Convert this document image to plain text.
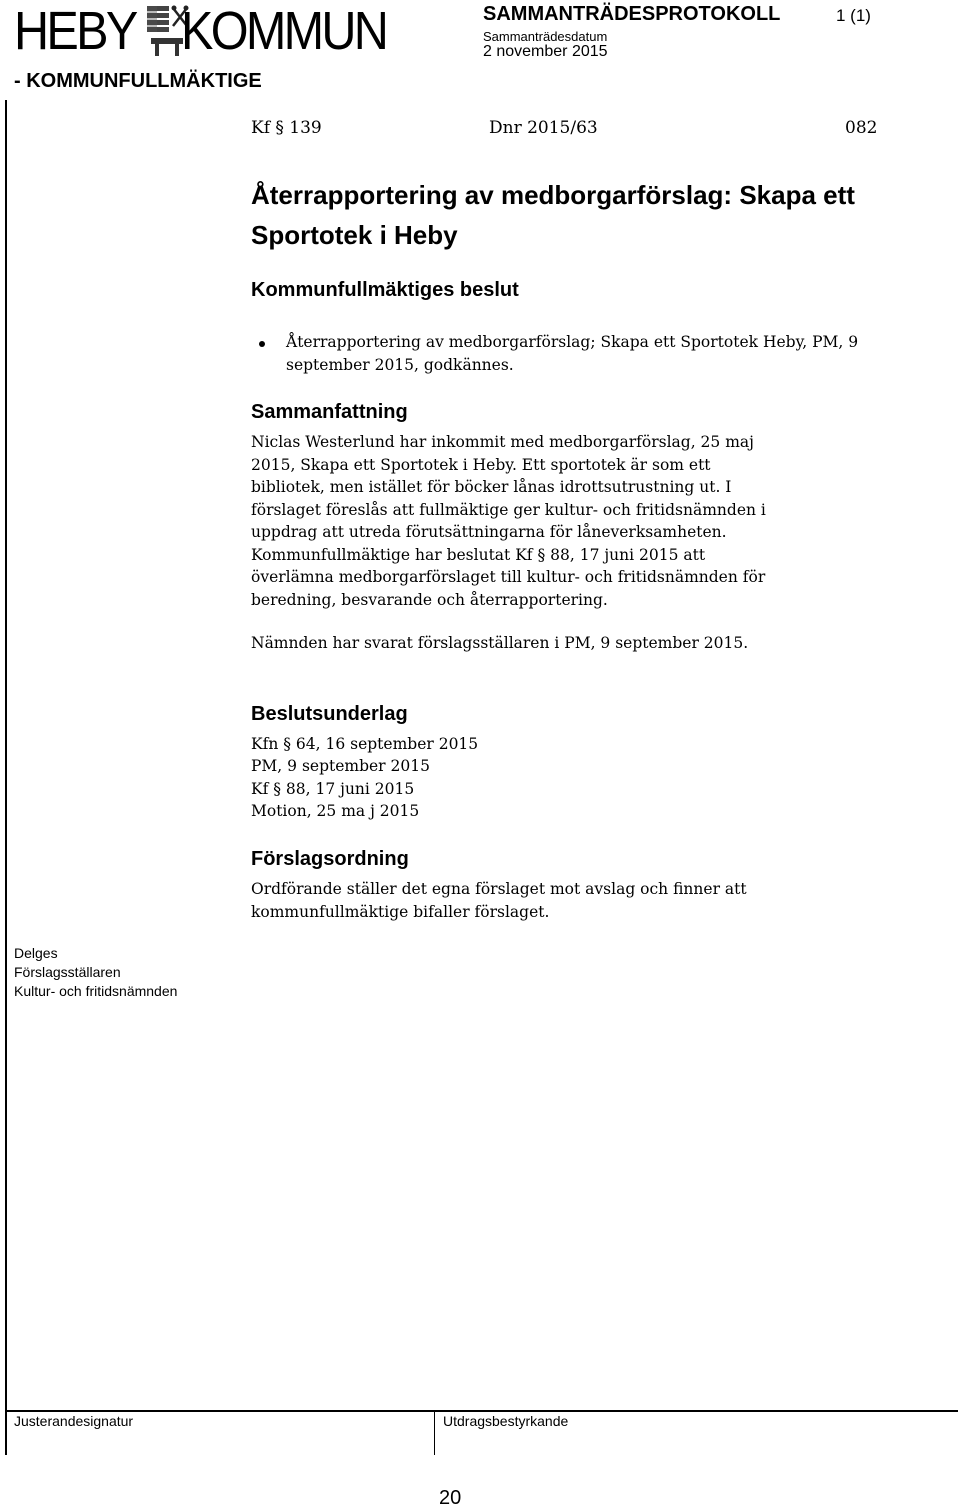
HEBY KOMMUN	SAMMANTRÄDESPROTOKOLL
Sammanträdesdatum
2 november 2015
1 (1)
- KOMMUNFULLMÄKTIGE
Kf § 139	Dnr 2015/63	082
Återrapportering av medborgarförslag: Skapa ett Sportotek i Heby
Kommunfullmäktiges beslut
Återrapportering av medborgarförslag; Skapa ett Sportotek Heby, PM, 9
september 2015, godkännes.
Sammanfattning
Niclas Westerlund har inkommit med medborgarförslag, 25 maj
2015, Skapa ett Sportotek i Heby. Ett sportotek är som ett
bibliotek, men istället för böcker lånas idrottsutrustning ut. I
förslaget föreslås att fullmäktige ger kultur- och fritidsnämnden i
uppdrag att utreda förutsättningarna för låneverksamheten.
Kommunfullmäktige har beslutat Kf § 88, 17 juni 2015 att
överlämna medborgarförslaget till kultur- och fritidsnämnden för
beredning, besvarande och återrapportering.
Nämnden har svarat förslagsställaren i PM, 9 september 2015.
Beslutsunderlag
Kfn § 64, 16 september 2015
PM, 9 september 2015
Kf § 88, 17 juni 2015
Motion, 25 ma j 2015
Förslagsordning
Ordförande ställer det egna förslaget mot avslag och finner att
kommunfullmäktige bifaller förslaget.
Delges
Förslagsställaren
Kultur- och fritidsnämnden
Justerandesignatur	Utdragsbestyrkande
20
